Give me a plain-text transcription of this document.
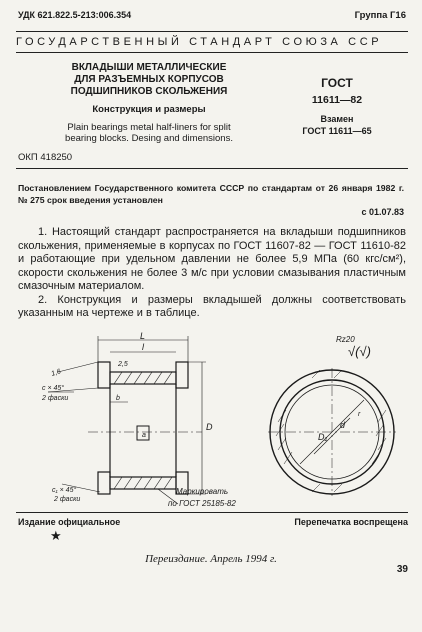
УДК 621.822.5-213:006.354	Группа Г16
ГОСУДАРСТВЕННЫЙ СТАНДАРТ СОЮЗА ССР
ВКЛАДЫШИ МЕТАЛЛИЧЕСКИЕ
ДЛЯ РАЗЪЕМНЫХ КОРПУСОВ
ПОДШИПНИКОВ СКОЛЬЖЕНИЯ
Конструкция и размеры
Plain bearings metal half-liners for split
bearing blocks. Desing and dimensions.
ГОСТ
11611—82
Взамен
ГОСТ 11611—65
ОКП 418250
Постановлением Государственного комитета СССР по стандартам от 26 января 1982 г. № 275 срок введения установлен
с 01.07.83

1. Настоящий стандарт распространяется на вкладыши подшипников скольжения, применяемые в корпусах по ГОСТ 11607-82 — ГОСТ 11610-82 и работающие при удельном давлении не более 5,9 МПа (60 кгс/см²), скорости скольжения не более 3 м/с при условии смазывания пластичным смазочным материалом.

2. Конструкция и размеры вкладышей должны соответствовать указанным на чертеже и в таблице.

L
l
D
b
2,5
a
1,6
c × 45°
2 фаски
c₁ × 45°
2 фаски
Маркировать
по ГОСТ 25185-82
D₁
d
r
Rz20
√(√)
Издание официальное	Перепечатка воспрещена
★
Переиздание. Апрель 1994 г.
39
